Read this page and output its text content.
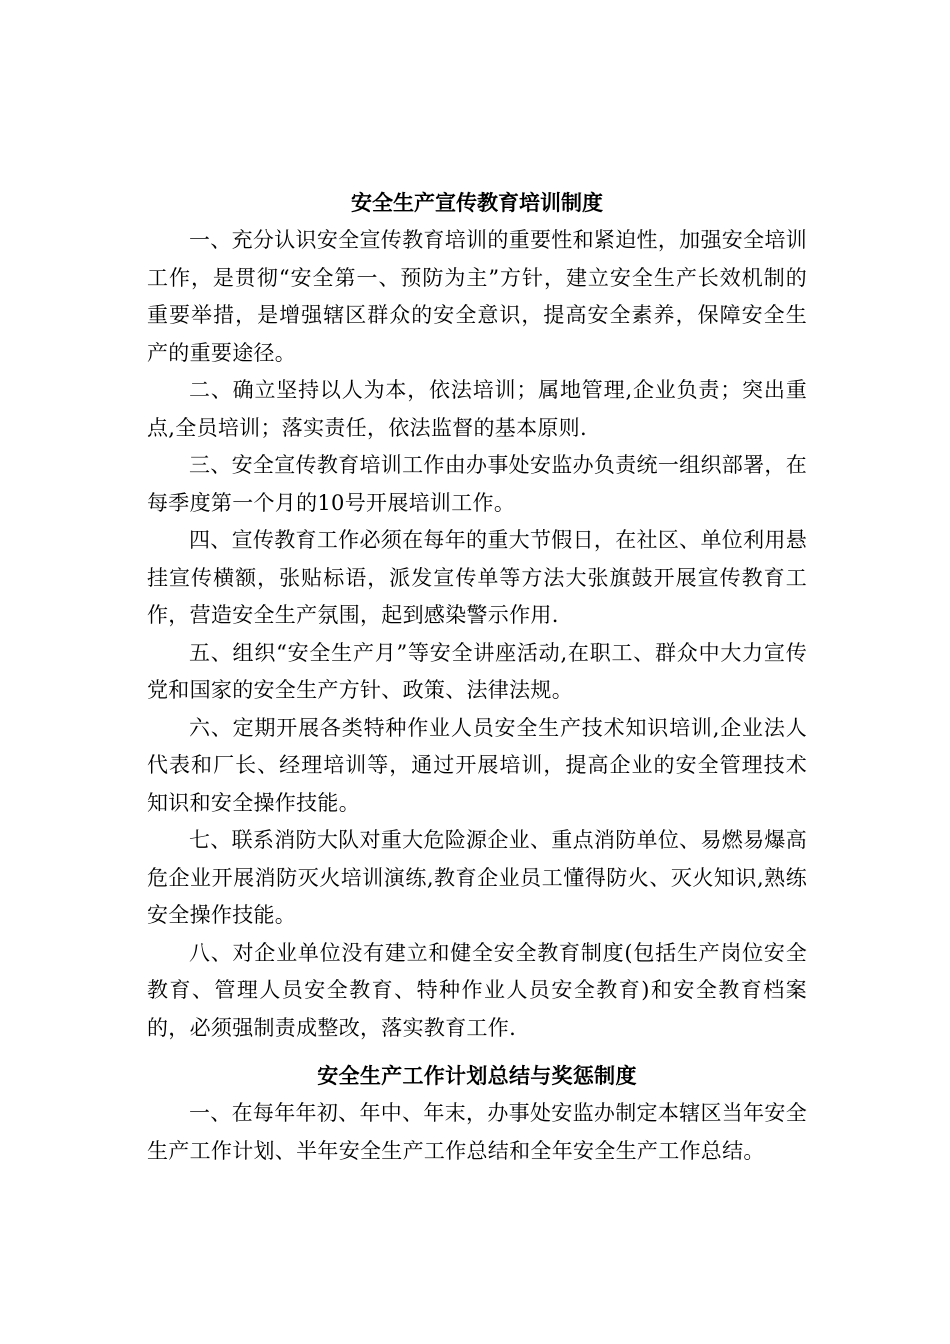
安全生产宣传教育培训制度

一、充分认识安全宣传教育培训的重要性和紧迫性，加强安全培训工作，是贯彻“安全第一、预防为主”方针，建立安全生产长效机制的重要举措，是增强辖区群众的安全意识，提高安全素养，保障安全生产的重要途径。

二、确立坚持以人为本，依法培训；属地管理,企业负责；突出重点,全员培训；落实责任，依法监督的基本原则.

三、安全宣传教育培训工作由办事处安监办负责统一组织部署，在每季度第一个月的10号开展培训工作。

四、宣传教育工作必须在每年的重大节假日，在社区、单位利用悬挂宣传横额，张贴标语，派发宣传单等方法大张旗鼓开展宣传教育工作，营造安全生产氛围，起到感染警示作用.

五、组织“安全生产月”等安全讲座活动,在职工、群众中大力宣传党和国家的安全生产方针、政策、法律法规。

六、定期开展各类特种作业人员安全生产技术知识培训,企业法人代表和厂长、经理培训等，通过开展培训，提高企业的安全管理技术知识和安全操作技能。

七、联系消防大队对重大危险源企业、重点消防单位、易燃易爆高危企业开展消防灭火培训演练,教育企业员工懂得防火、灭火知识,熟练安全操作技能。

八、对企业单位没有建立和健全安全教育制度(包括生产岗位安全教育、管理人员安全教育、特种作业人员安全教育)和安全教育档案的，必须强制责成整改，落实教育工作.

安全生产工作计划总结与奖惩制度

一、在每年年初、年中、年末，办事处安监办制定本辖区当年安全生产工作计划、半年安全生产工作总结和全年安全生产工作总结。
